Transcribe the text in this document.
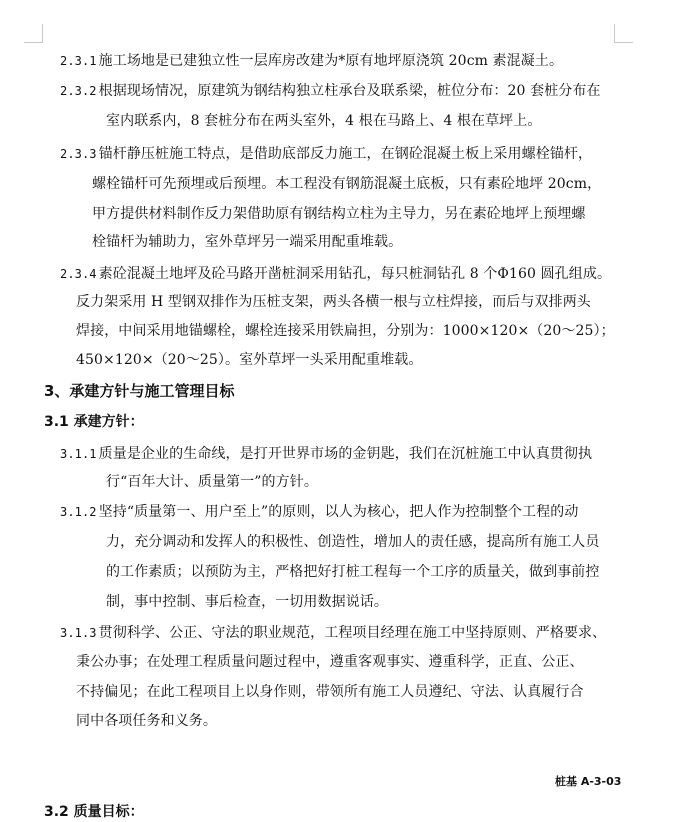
2.3.1 施工场地是已建独立性一层库房改建为*原有地坪原浇筑 20cm 素混凝土。
2.3.2 根据现场情况，原建筑为钢结构独立柱承台及联系梁，桩位分布：20 套桩分布在
室内联系内，8 套桩分布在两头室外，4 根在马路上、4 根在草坪上。
2.3.3 锚杆静压桩施工特点，是借助底部反力施工，在钢砼混凝土板上采用螺栓锚杆，
螺栓锚杆可先预埋或后预埋。本工程没有钢筋混凝土底板，只有素砼地坪 20cm，
甲方提供材料制作反力架借助原有钢结构立柱为主导力，另在素砼地坪上预埋螺
栓锚杆为辅助力，室外草坪另一端采用配重堆载。
2.3.4 素砼混凝土地坪及砼马路开凿桩洞采用钻孔，每只桩洞钻孔 8 个Φ160 圆孔组成。
反力架采用 H 型钢双排作为压桩支架，两头各横一根与立柱焊接，而后与双排两头
焊接，中间采用地锚螺栓，螺栓连接采用铁扁担，分别为：1000×120×（20～25）；
450×120×（20～25）。室外草坪一头采用配重堆载。
3、承建方针与施工管理目标
3.1 承建方针：
3.1.1 质量是企业的生命线，是打开世界市场的金钥匙，我们在沉桩施工中认真贯彻执
行“百年大计、质量第一”的方针。
3.1.2 坚持“质量第一、用户至上”的原则，以人为核心，把人作为控制整个工程的动
力，充分调动和发挥人的积极性、创造性，增加人的责任感，提高所有施工人员
的工作素质；以预防为主，严格把好打桩工程每一个工序的质量关，做到事前控
制，事中控制、事后检查，一切用数据说话。
3.1.3 贯彻科学、公正、守法的职业规范，工程项目经理在施工中坚持原则、严格要求、
秉公办事；在处理工程质量问题过程中，遵重客观事实、遵重科学，正直、公正、
不持偏见；在此工程项目上以身作则，带领所有施工人员遵纪、守法、认真履行合
同中各项任务和义务。
桩基 A-3-03
3.2 质量目标：
